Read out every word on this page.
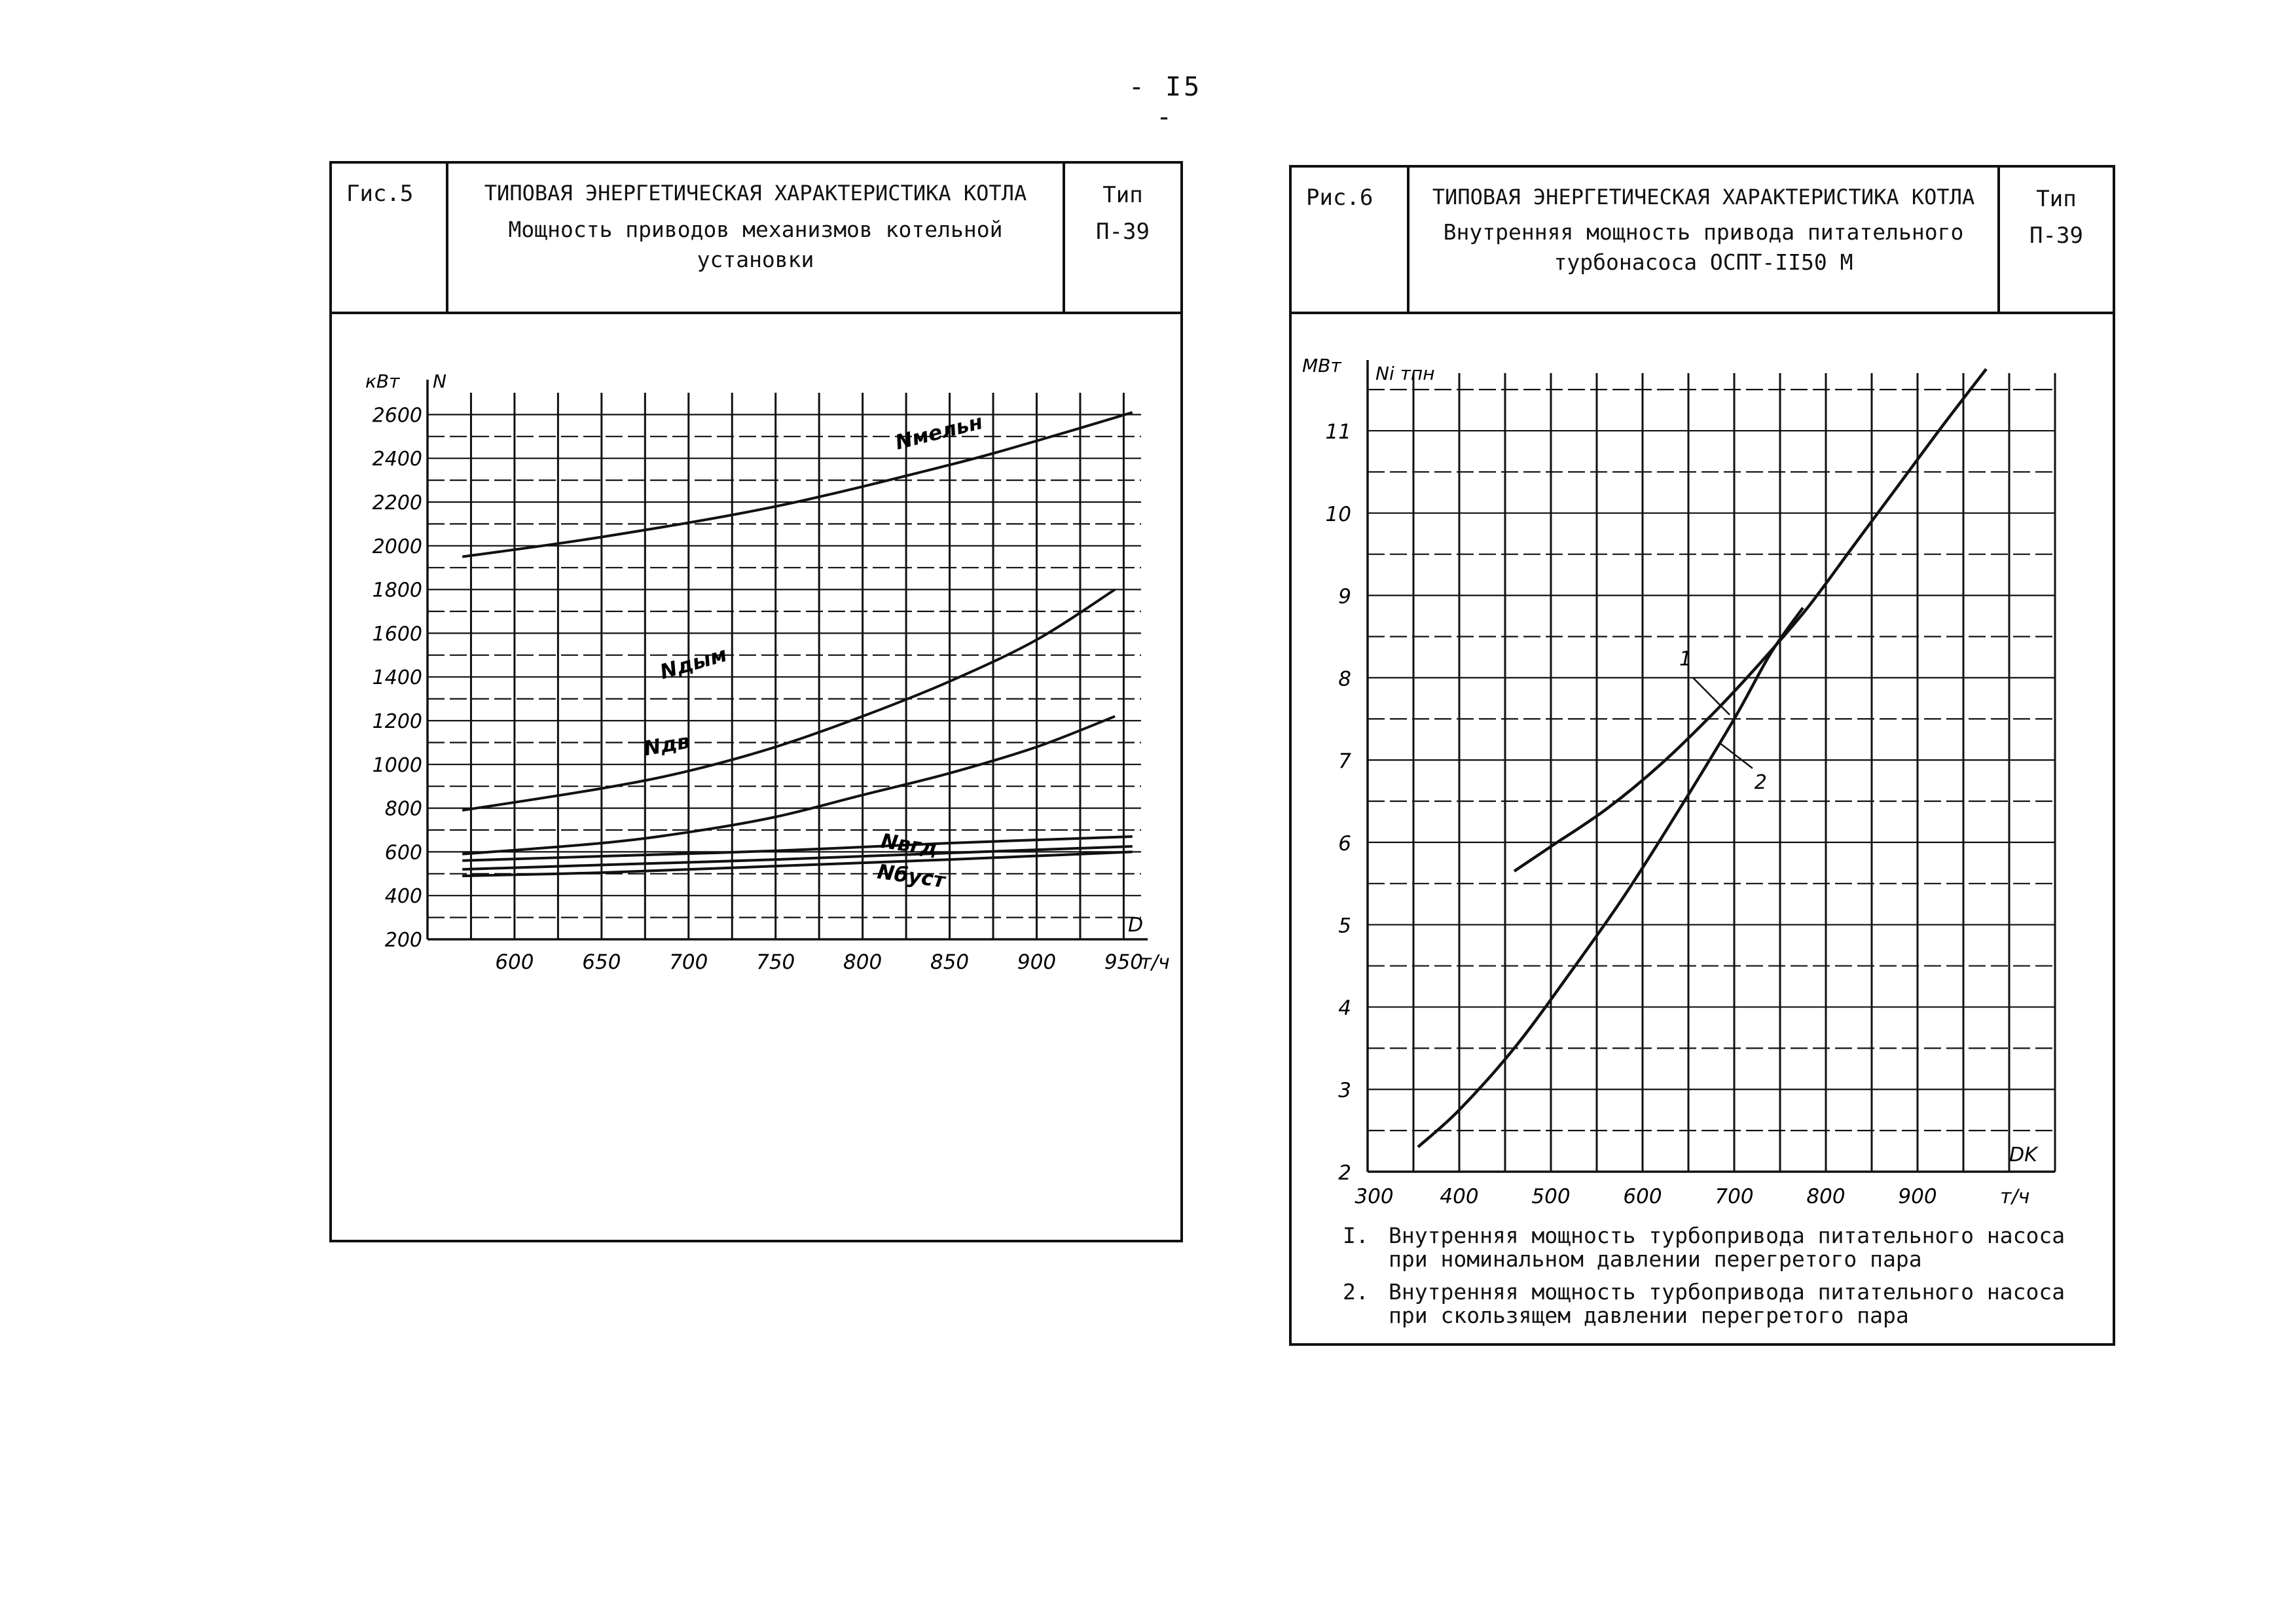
- I5 -
Гис.5	ТИПОВАЯ ЭНЕРГЕТИЧЕСКАЯ ХАРАКТЕРИСТИКА КОТЛА
Мощность приводов механизмов котельной установки
Тип
П-39
200
400
600
800
1000
1200
1400
1600
1800
2000
2200
2400
2600
600 650 700 750 800 850 900 950
кВт N
D
т/ч
Nмельн
Nдым
Nдв
Nвгд
Nбуст
Рис.6	ТИПОВАЯ ЭНЕРГЕТИЧЕСКАЯ ХАРАКТЕРИСТИКА КОТЛА
Внутренняя мощность привода питательного турбонасоса ОСПТ-II50 М
Тип
П-39
I. Внутренняя мощность турбопривода питательного насоса при номинальном давлении перегретого пара
2. Внутренняя мощность турбопривода питательного насоса при скользящем давлении перегретого пара
2
3
4
5
6
7
8
9
10
11
300 400	500	600	700	800	900
МВт Ni тпн
DK
т/ч
1
2
